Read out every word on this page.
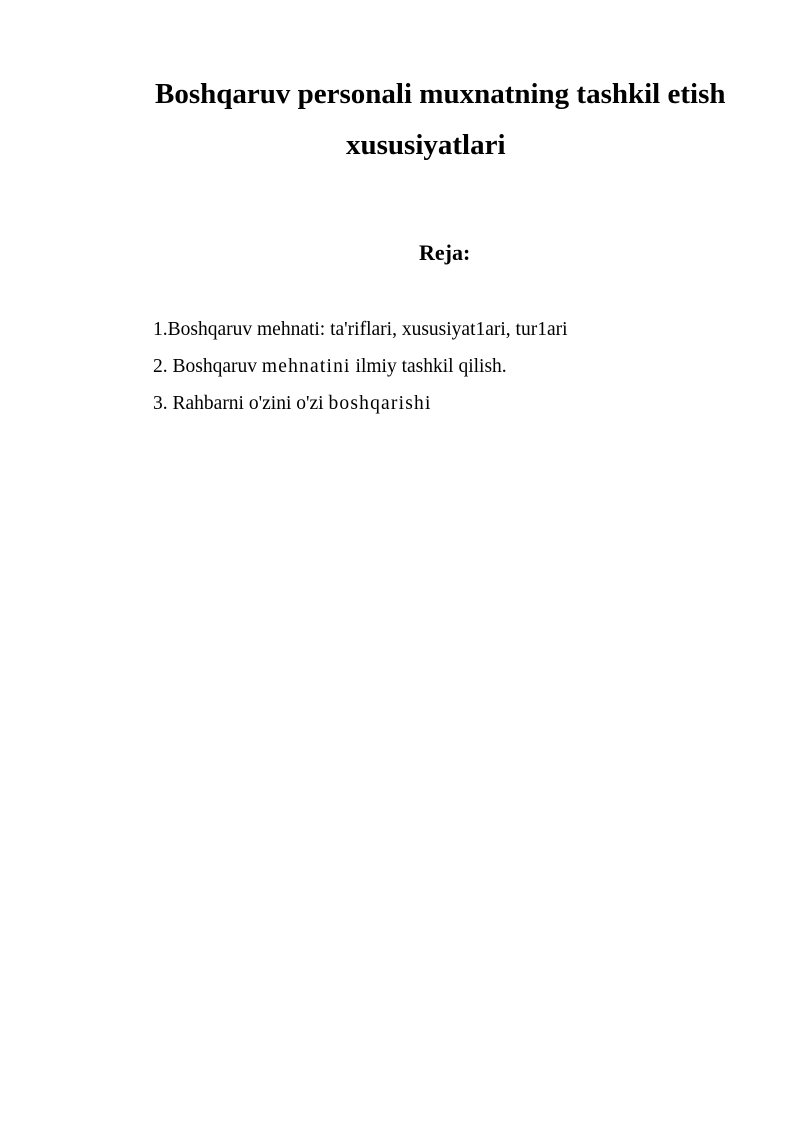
Boshqaruv personali muxnatning tashkil etish
xususiyatlari
Reja:
1.Boshqaruv mehnati: ta'riflari, xususiyat1ari, tur1ari
2. Boshqaruv mehnatini ilmiy tashkil qilish.
3. Rahbarni o'zini o'zi boshqarishi
